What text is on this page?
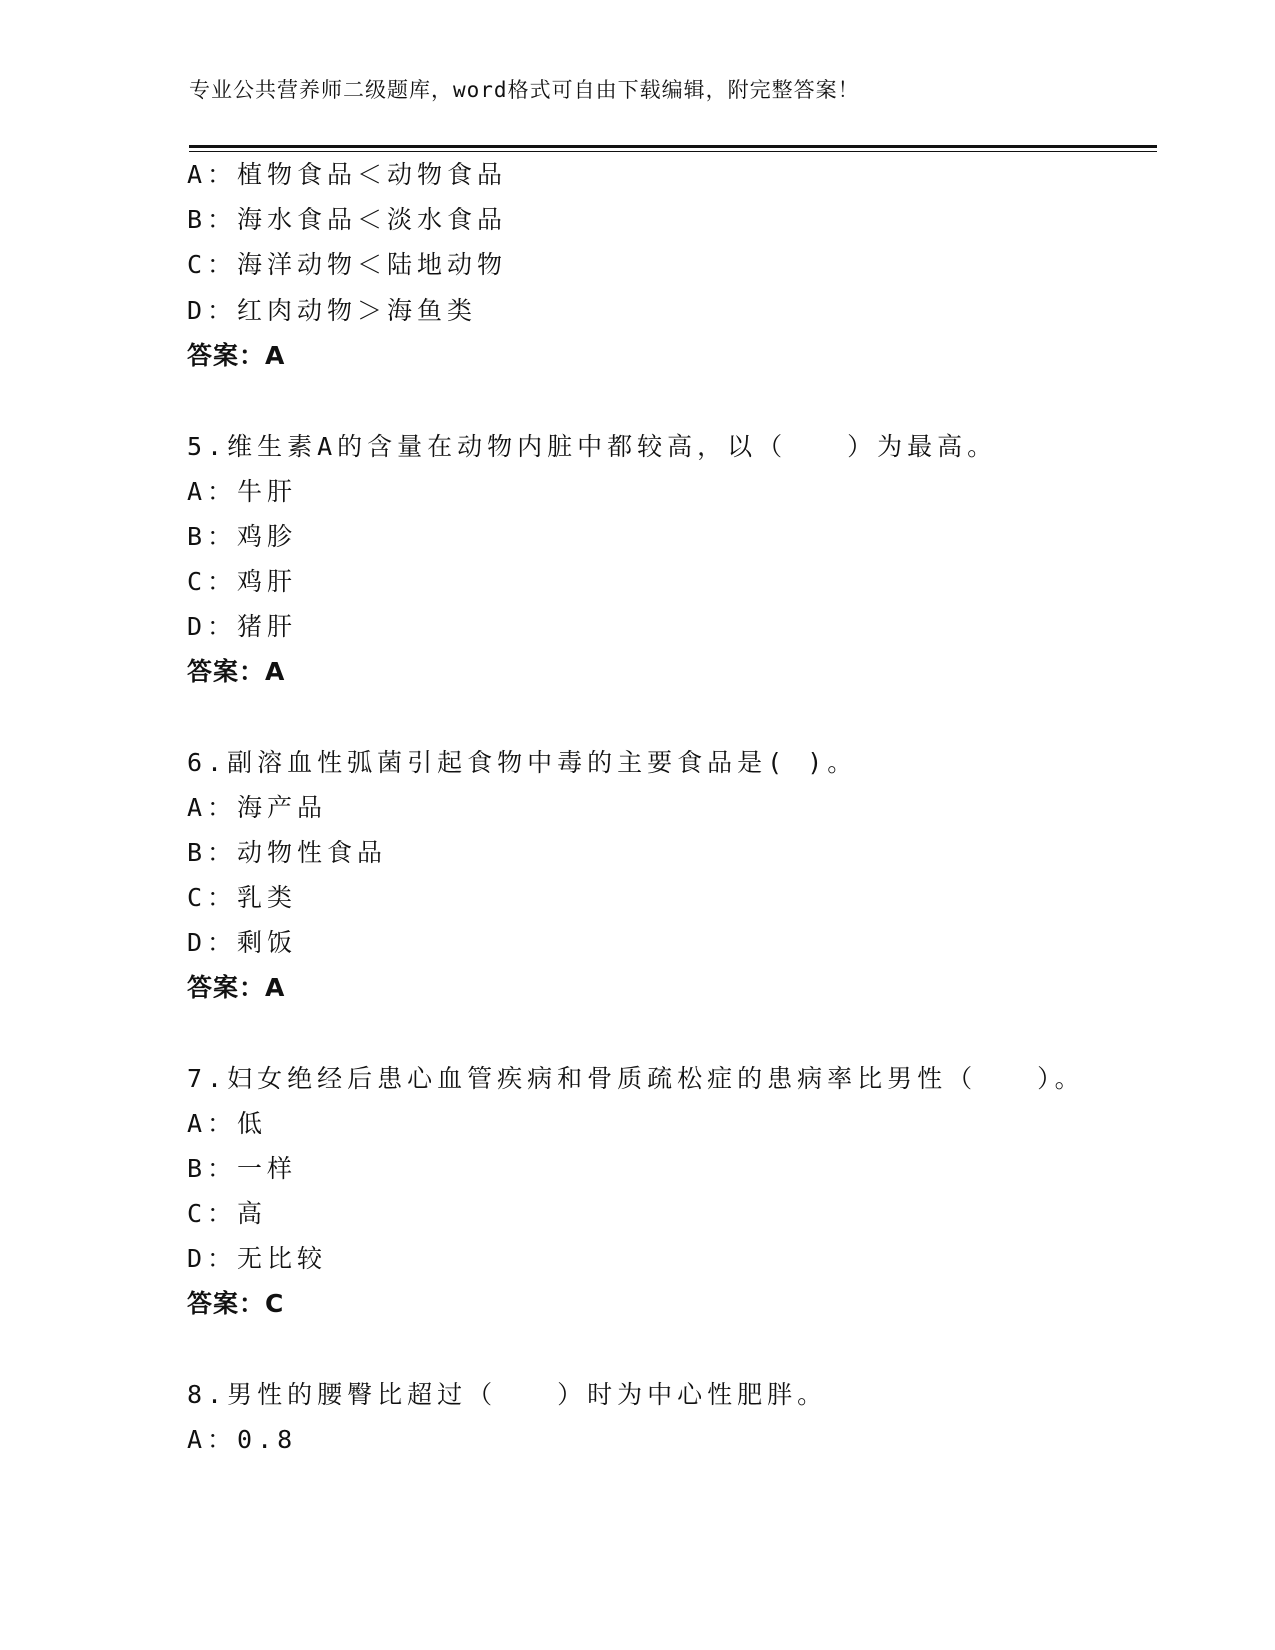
专业公共营养师二级题库，word格式可自由下载编辑，附完整答案！
A：植物食品＜动物食品
B：海水食品＜淡水食品
C：海洋动物＜陆地动物
D：红肉动物＞海鱼类
答案：A
5.维生素A的含量在动物内脏中都较高，以（　　）为最高。
A：牛肝
B：鸡胗
C：鸡肝
D：猪肝
答案：A
6.副溶血性弧菌引起食物中毒的主要食品是( )。
A：海产品
B：动物性食品
C：乳类
D：剩饭
答案：A
7.妇女绝经后患心血管疾病和骨质疏松症的患病率比男性（　　）。
A：低
B：一样
C：高
D：无比较
答案：C
8.男性的腰臀比超过（　　）时为中心性肥胖。
A：0.8
